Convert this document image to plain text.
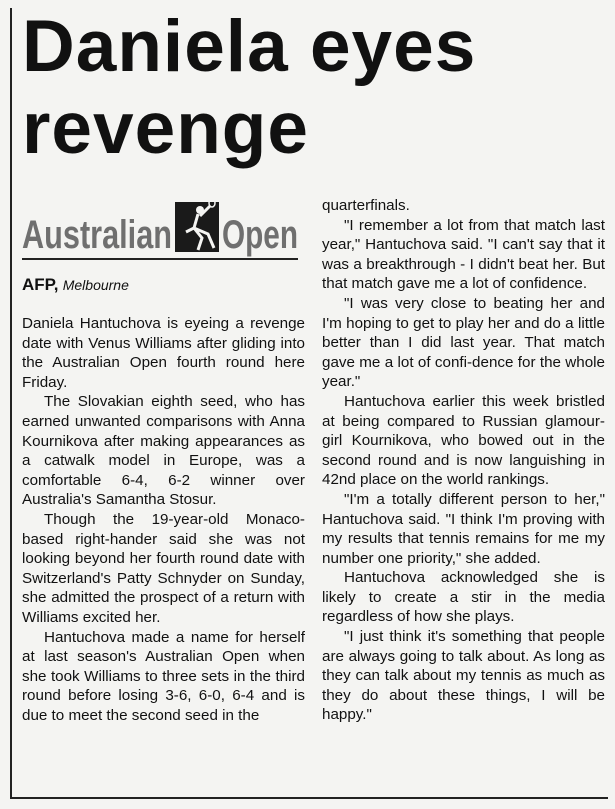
Daniela eyes
revenge
Australian Open
AFP, Melbourne

Daniela Hantuchova is eyeing a revenge date with Venus Williams after gliding into the Australian Open fourth round here Friday.

The Slovakian eighth seed, who has earned unwanted comparisons with Anna Kournikova after making appearances as a catwalk model in Europe, was a comfortable 6-4, 6-2 winner over Australia's Samantha Stosur.

Though the 19-year-old Monaco-based right-hander said she was not looking beyond her fourth round date with Switzerland's Patty Schnyder on Sunday, she admitted the prospect of a return with Williams excited her.

Hantuchova made a name for herself at last season's Australian Open when she took Williams to three sets in the third round before losing 3-6, 6-0, 6-4 and is due to meet the second seed in the

quarterfinals.

"I remember a lot from that match last year," Hantuchova said. "I can't say that it was a breakthrough - I didn't beat her. But that match gave me a lot of confidence.

"I was very close to beating her and I'm hoping to get to play her and do a little better than I did last year. That match gave me a lot of confi-dence for the whole year."

Hantuchova earlier this week bristled at being compared to Russian glamour-girl Kournikova, who bowed out in the second round and is now languishing in 42nd place on the world rankings.

"I'm a totally different person to her," Hantuchova said. "I think I'm proving with my results that tennis remains for me my number one priority," she added.

Hantuchova acknowledged she is likely to create a stir in the media regardless of how she plays.

"I just think it's something that people are always going to talk about. As long as they can talk about my tennis as much as they do about these things, I will be happy."
